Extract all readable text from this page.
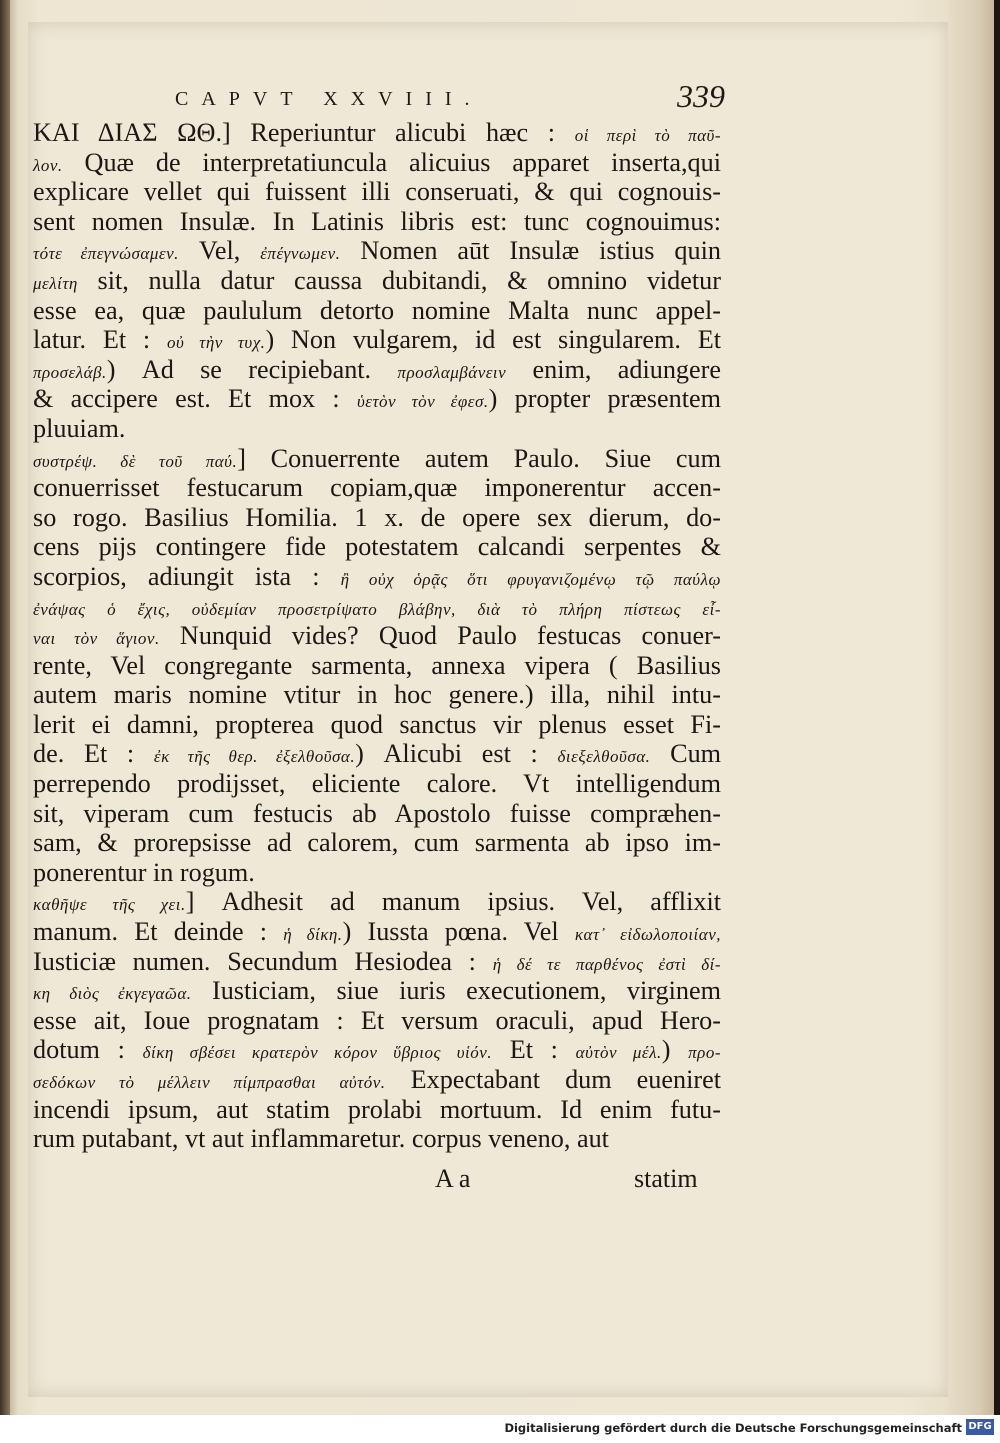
CAPVT XXVIII.	339
ΚΑΙ ΔΙΑΣ ΩΘ.] Reperiuntur alicubi hæc : οἱ περὶ τὸ παῦ-
λον. Quæ de interpretatiuncula alicuius apparet inserta,qui
explicare vellet qui fuissent illi conseruati, & qui cognouis-
sent nomen Insulæ. In Latinis libris est: tunc cognouimus:
τότε ἐπεγνώσαμεν. Vel, ἐπέγνωμεν. Nomen aūt Insulæ istius quin
μελίτη sit, nulla datur caussa dubitandi, & omnino videtur
esse ea, quæ paululum detorto nomine Malta nunc appel-
latur. Et : οὐ τὴν τυχ.) Non vulgarem, id est singularem. Et
προσελάβ.) Ad se recipiebant. προσλαμβάνειν enim, adiungere
& accipere est. Et mox : ὑετὸν τὸν ἐφεσ.) propter præsentem
pluuiam.
συστρέψ. δὲ τοῦ παύ.] Conuerrente autem Paulo. Siue cum
conuerrisset festucarum copiam,quæ imponerentur accen-
so rogo. Basilius Homilia. 1 x. de opere sex dierum, do-
cens pijs contingere fide potestatem calcandi serpentes &
scorpios, adiungit ista : ἢ οὐχ ὁρᾷς ὅτι φρυγανιζομένῳ τῷ παύλῳ
ἐνάψας ὁ ἔχις, οὐδεμίαν προσετρίψατο βλάβην, διὰ τὸ πλήρη πίστεως εἶ-
ναι τὸν ἅγιον. Nunquid vides? Quod Paulo festucas conuer-
rente, Vel congregante sarmenta, annexa vipera ( Basilius
autem maris nomine vtitur in hoc genere.) illa, nihil intu-
lerit ei damni, propterea quod sanctus vir plenus esset Fi-
de. Et : ἐκ τῆς θερ. ἐξελθοῦσα.) Alicubi est : διεξελθοῦσα. Cum
perrependo prodijsset, eliciente calore. Vt intelligendum
sit, viperam cum festucis ab Apostolo fuisse compræhen-
sam, & prorepsisse ad calorem, cum sarmenta ab ipso im-
ponerentur in rogum.
καθῆψε τῆς χει.] Adhesit ad manum ipsius. Vel, afflixit
manum. Et deinde : ἡ δίκη.) Iussta pœna. Vel κατ᾽ εἰδωλοποιίαν,
Iusticiæ numen. Secundum Hesiodea : ἡ δέ τε παρθένος ἐστὶ δί-
κη διὸς ἐκγεγαῶα. Iusticiam, siue iuris executionem, virginem
esse ait, Ioue prognatam : Et versum oraculi, apud Hero-
dotum : δίκη σβέσει κρατερὸν κόρον ὕβριος υἱόν. Et : αὐτὸν μέλ.) προ-
σεδόκων τὸ μέλλειν πίμπρασθαι αὐτόν. Expectabant dum eueniret
incendi ipsum, aut statim prolabi mortuum. Id enim futu-
rum putabant, vt aut inflammaretur. corpus veneno, aut
A a	statim
Digitalisierung gefördert durch die Deutsche Forschungsgemeinschaft DFG
